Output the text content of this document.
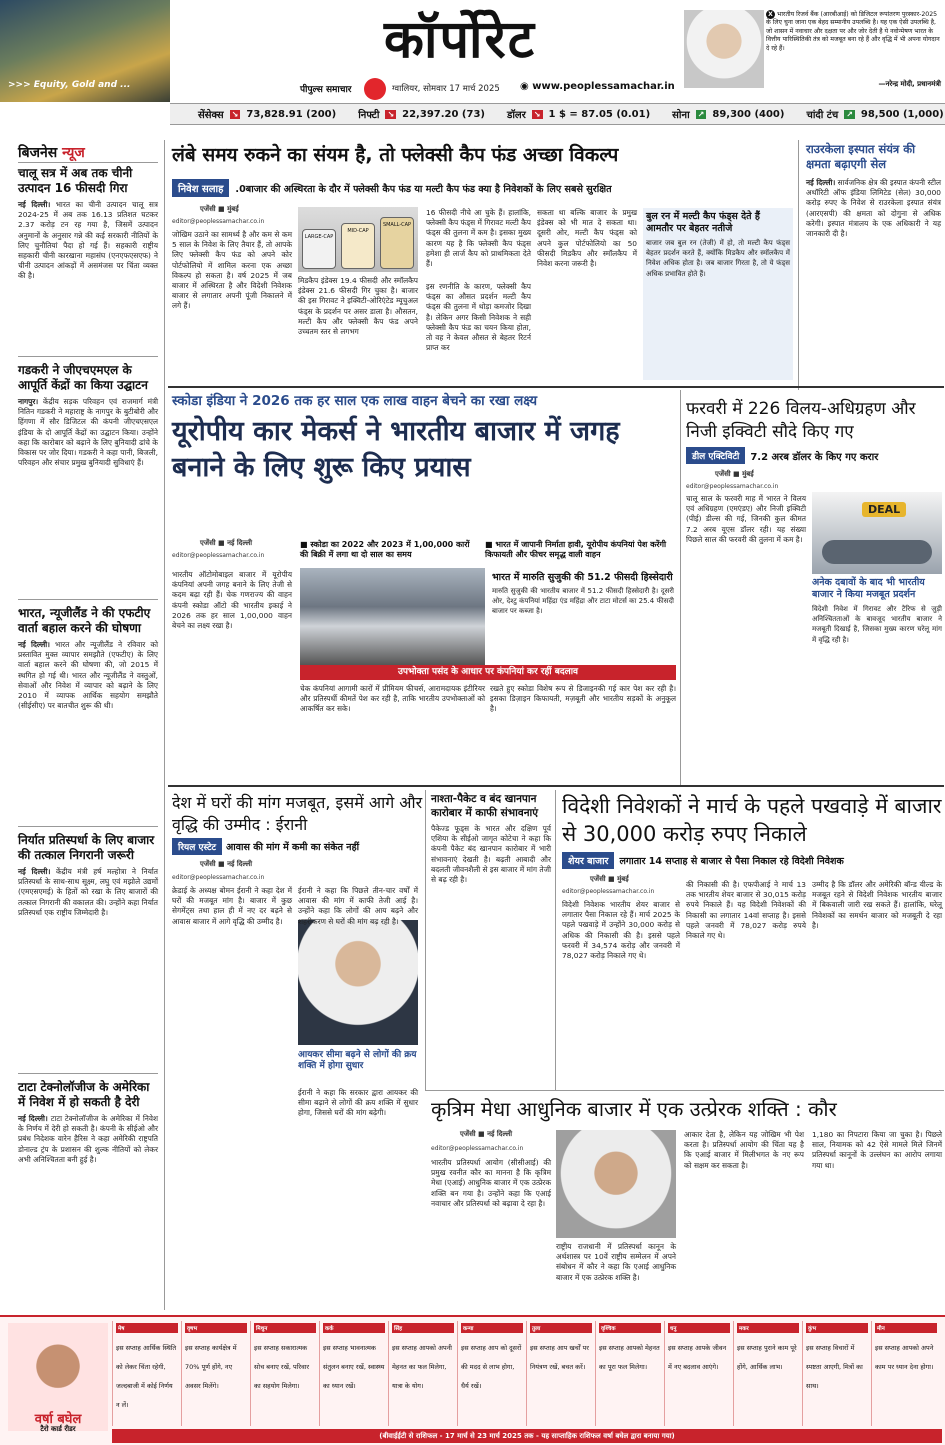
>>> Equity, Gold and ...
कॉर्पोरेट
पीपुल्स समाचार	ग्वालियर, सोमवार 17 मार्च 2025 ◉ www.peoplessamachar.in
X भारतीय रिजर्व बैंक (आरबीआई) को डिजिटल रूपांतरण पुरस्कार-2025 के लिए चुना जाना एक बेहद सम्मानीय उपलब्धि है। यह एक ऐसी उपलब्धि है, जो शासन में नवाचार और दक्षता पर और जोर देती है ये नवोन्मेषण भारत के वित्तीय पारिस्थितिकी तंत्र को मजबूत बना रहे हैं और वृद्धि में भी अपना योगदान दे रहे हैं।
—नरेन्द्र मोदी, प्रधानमंत्री
सेंसेक्स ↘ 73,828.91 (200) निफ्टी ↘ 22,397.20 (73) डॉलर ↘ 1 $ = 87.05 (0.01) सोना ↗ 89,300 (400) चांदी टंच ↗ 98,500 (1,000)
बिजनेस न्यूज
चालू सत्र में अब तक चीनी उत्पादन 16 फीसदी गिरा
नई दिल्ली। भारत का चीनी उत्पादन चालू सत्र 2024-25 में अब तक 16.13 प्रतिशत घटकर 2.37 करोड़ टन रह गया है, जिसमें उत्पादन अनुमानों के अनुसार गन्ने की कई सरकारी नीतियों के लिए चुनौतियां पैदा हो गई हैं। सहकारी राष्ट्रीय सहकारी चीनी कारखाना महासंघ (एनएफएसएफ) ने चीनी उत्पादन आंकड़ों में असमंजस पर चिंता व्यक्त की है।
गडकरी ने जीएचएमएल के आपूर्ति केंद्रों का किया उद्घाटन
नागपुर। केंद्रीय सड़क परिवहन एवं राजमार्ग मंत्री नितिन गडकरी ने महाराष्ट्र के नागपुर के बुटीबोरी और हिंगणा में सौर डिजिटल की कंपनी जीएचएसएल इंडिया के दो आपूर्ति केंद्रों का उद्घाटन किया। उन्होंने कहा कि कारोबार को बढ़ाने के लिए बुनियादी ढांचे के विकास पर जोर दिया। गडकरी ने कहा पानी, बिजली, परिवहन और संचार प्रमुख बुनियादी सुविधाएं हैं।
भारत, न्यूजीलैंड ने की एफटीए वार्ता बहाल करने की घोषणा
नई दिल्ली। भारत और न्यूजीलैंड ने रविवार को प्रस्तावित मुक्त व्यापार समझौते (एफटीए) के लिए वार्ता बहाल करने की घोषणा की, जो 2015 में स्थगित हो गई थी। भारत और न्यूजीलैंड ने वस्तुओं, सेवाओं और निवेश में व्यापार को बढ़ाने के लिए 2010 में व्यापक आर्थिक सहयोग समझौते (सीईसीए) पर बातचीत शुरू की थी।
निर्यात प्रतिस्पर्धा के लिए बाजार की तत्काल निगरानी जरूरी
नई दिल्ली। केंद्रीय मंत्री हर्ष मल्होत्रा ने निर्यात प्रतिस्पर्धा के साथ-साथ सूक्ष्म, लघु एवं मझोले उद्यमों (एमएसएमई) के हितों को रखा के लिए बाजारों की तत्काल निगरानी की वकालत की। उन्होंने कहा निर्यात प्रतिस्पर्धा एक राष्ट्रीय जिम्मेदारी है।
टाटा टेक्नोलॉजीज के अमेरिका में निवेश में हो सकती है देरी
नई दिल्ली। टाटा टेक्नोलॉजीज के अमेरिका में निवेश के निर्णय में देरी हो सकती है। कंपनी के सीईओ और प्रबंध निदेशक वारेन हैरिस ने कहा अमेरिकी राष्ट्रपति डोनाल्ड ट्रंप के प्रशासन की शुल्क नीतियों को लेकर अभी अनिश्चितता बनी हुई है।
लंबे समय रुकने का संयम है, तो फ्लेक्सी कैप फंड अच्छा विकल्प
निवेश सलाह	.0बाजार की अस्थिरता के दौर में फ्लेक्सी कैप फंड या मल्टी कैप फंड क्या है निवेशकों के लिए सबसे सुरक्षित
एजेंसी ■ मुंबई
editor@peoplessamachar.co.in
जोखिम उठाने का सामर्थ्य है और कम से कम 5 साल के निवेश के लिए तैयार हैं, तो आपके लिए फ्लेक्सी कैप फंड को अपने कोर पोर्टफोलियो में शामिल करना एक अच्छा विकल्प हो सकता है। वर्ष 2025 में जब बाजार में अस्थिरता है और विदेशी निवेशक बाजार से लगातार अपनी पूंजी निकालने में लगे हैं।
LARGE-CAP
MID-CAP
SMALL-CAP
मिडकैप इंडेक्स 19.4 फीसदी और स्मॉलकैप इंडेक्स 21.6 फीसदी गिर चुका है। बाजार की इस गिरावट ने इक्विटी-ओरिएंटेड म्यूचुअल फंड्स के प्रदर्शन पर असर डाला है। औसतन, मल्टी कैप और फ्लेक्सी कैप फंड अपने उच्चतम स्तर से लगभग
16 फीसदी नीचे आ चुके हैं। हालांकि, फ्लेक्सी कैप फंड्स में गिरावट मल्टी कैप फंड्स की तुलना में कम है। इसका मुख्य कारण यह है कि फ्लेक्सी कैप फंड्स हमेशा ही लार्ज कैप को प्राथमिकता देते हैं।
इस रणनीति के कारण, फ्लेक्सी कैप फंड्स का औसत प्रदर्शन मल्टी कैप फंड्स की तुलना में थोड़ा कमजोर दिखा है। लेकिन अगर किसी निवेशक ने सही फ्लेक्सी कैप फंड का चयन किया होता, तो वह ने केवल औसत से बेहतर रिटर्न प्राप्त कर
सकता था बल्कि बाजार के प्रमुख इंडेक्स को भी मात दे सकता था। दूसरी ओर, मल्टी कैप फंड्स को अपने कुल पोर्टफोलियो का 50 फीसदी मिडकैप और स्मॉलकैप में निवेश करना जरूरी है।
बुल रन में मल्टी कैप फंड्स देते हैं आमतौर पर बेहतर नतीजे
बाजार जब बुल रन (तेजी) में हो, तो मल्टी कैप फंड्स बेहतर प्रदर्शन करते हैं, क्योंकि मिडकैप और स्मॉलकैप में निवेश अधिक होता है। जब बाजार गिरता है, तो ये फंड्स अधिक प्रभावित होते हैं।
राउरकेला इस्पात संयंत्र की क्षमता बढ़ाएगी सेल
नई दिल्ली। सार्वजनिक क्षेत्र की इस्पात कंपनी स्टील अथॉरिटी ऑफ इंडिया लिमिटेड (सेल) 30,000 करोड़ रुपए के निवेश से राउरकेला इस्पात संयंत्र (आरएसपी) की क्षमता को दोगुना से अधिक करेगी। इस्पात मंत्रालय के एक अधिकारी ने यह जानकारी दी है।
स्कोडा इंडिया ने 2026 तक हर साल एक लाख वाहन बेचने का रखा लक्ष्य
यूरोपीय कार मेकर्स ने भारतीय बाजार में जगह बनाने के लिए शुरू किए प्रयास
एजेंसी ■ नई दिल्ली
editor@peoplessamachar.co.in
■ स्कोडा का 2022 और 2023 में 1,00,000 कारों की बिक्री में लगा था दो साल का समय
■ भारत में जापानी निर्माता हावी, यूरोपीय कंपनियां पेश करेंगी किफायती और फीचर समृद्ध वाली वाहन
भारतीय ऑटोमोबाइल बाजार में यूरोपीय कंपनियां अपनी जगह बनाने के लिए तेजी से कदम बढ़ा रही हैं। चेक गणराज्य की वाहन कंपनी स्कोडा ऑटो की भारतीय इकाई ने 2026 तक हर साल 1,00,000 वाहन बेचने का लक्ष्य रखा है।
उपभोक्ता पसंद के आधार पर कंपनियां कर रहीं बदलाव
भारत में मारुति सुजुकी की 51.2 फीसदी हिस्सेदारी
मारुति सुजुकी की भारतीय बाजार में 51.2 फीसदी हिस्सेदारी है। दूसरी ओर, देश्टु कंपनियां महिंद्रा एंड महिंद्रा और टाटा मोटर्स का 25.4 फीसदी बाजार पर कब्जा है।
चेक कंपनियां आगामी कारों में प्रीमियम फीचर्स, आरामदायक इंटीरियर और प्रतिस्पर्धी कीमतें पेश कर रही है, ताकि भारतीय उपभोक्ताओं को आकर्षित कर सके।
रखते हुए स्कोडा विशेष रूप से डिजाइनकी गई कार पेश कर रही है। इसका डिज़ाइन किफायती, मज़बूती और भारतीय सड़कों के अनुकूल है।
फरवरी में 226 विलय-अधिग्रहण और निजी इक्विटी सौदे किए गए
डील एक्टिविटी	7.2 अरब डॉलर के किए गए करार
एजेंसी ■ मुंबई
editor@peoplessamachar.co.in
चालू साल के फरवरी माह में भारत ने विलय एवं अधिग्रहण (एमएंडए) और निजी इक्विटी (पीई) डील्स की गई, जिनकी कुल कीमत 7.2 अरब यूएस डॉलर रही। यह संख्या पिछले साल की फरवरी की तुलना में कम है।
DEAL
अनेक दबावों के बाद भी भारतीय बाजार ने किया मजबूत प्रदर्शन
विदेशी निवेश में गिरावट और टैरिफ से जुड़ी अनिश्चितताओं के बावजूद भारतीय बाजार ने मजबूती दिखाई है, जिसका मुख्य कारण घरेलू मांग में वृद्धि रही है।
देश में घरों की मांग मजबूत, इसमें आगे और वृद्धि की उम्मीद : ईरानी
रियल एस्टेट	आवास की मांग में कमी का संकेत नहीं
एजेंसी ■ नई दिल्ली
editor@peoplessamachar.co.in
क्रेडाई के अध्यक्ष बोमन ईरानी ने कहा देश में घरों की मजबूत मांग है। बाजार में कुछ सेगमेंट्स तथा हाल ही में नए दर बढ़ने से आवास बाजार में आगे वृद्धि की उम्मीद है।
आयकर सीमा बढ़ने से लोगों की क्रय शक्ति में होगा सुधार
ईरानी ने कहा कि सरकार द्वारा आयकर की सीमा बढ़ाने से लोगों की क्रय शक्ति में सुधार होगा, जिससे घरों की मांग बढ़ेगी।
ईरानी ने कहा कि पिछले तीन-चार वर्षों में आवास की मांग में काफी तेजी आई है। उन्होंने कहा कि लोगों की आय बढ़ने और शहरीकरण से घरों की मांग बढ़ रही है।
नाश्ता-पैकेट व बंद खानपान कारोबार में काफी संभावनाएं
पैकेज्ड फूड्स के भारत और दक्षिण पूर्व एशिया के सीईओ जागृत कोटेचा ने कहा कि कंपनी पैकेट बंद खानपान कारोबार में भारी संभावनाएं देखती है। बढ़ती आबादी और बदलती जीवनशैली से इस बाजार में मांग तेजी से बढ़ रही है।
विदेशी निवेशकों ने मार्च के पहले पखवाड़े में बाजार से 30,000 करोड़ रुपए निकाले
शेयर बाजार	लगातार 14 सप्ताह से बाजार से पैसा निकाल रहे विदेशी निवेशक
एजेंसी ■ मुंबई
editor@peoplessamachar.co.in
विदेशी निवेशक भारतीय शेयर बाजार से लगातार पैसा निकाल रहे हैं। मार्च 2025 के पहले पखवाड़े में उन्होंने 30,000 करोड़ से अधिक की निकासी की है। इससे पहले फरवरी में 34,574 करोड़ और जनवरी में 78,027 करोड़ निकाले गए थे।
की निकासी की है। एफपीआई ने मार्च 13 तक भारतीय शेयर बाजार से 30,015 करोड़ रुपये निकाले हैं। यह विदेशी निवेशकों की निकासी का लगातार 14वां सप्ताह है। इससे पहले जनवरी में 78,027 करोड़ रुपये निकाले गए थे।
उम्मीद है कि डॉलर और अमेरिकी बॉन्ड यील्ड के मजबूत रहने से विदेशी निवेशक भारतीय बाजार में बिकवाली जारी रख सकते हैं। हालांकि, घरेलू निवेशकों का समर्थन बाजार को मजबूती दे रहा है।
कृत्रिम मेधा आधुनिक बाजार में एक उत्प्रेरक शक्ति : कौर
एजेंसी ■ नई दिल्ली
editor@peoplessamachar.co.in
भारतीय प्रतिस्पर्धा आयोग (सीसीआई) की प्रमुख रवनीत कौर का मानना है कि कृत्रिम मेधा (एआई) आधुनिक बाजार में एक उत्प्रेरक शक्ति बन गया है। उन्होंने कहा कि एआई नवाचार और प्रतिस्पर्धा को बढ़ावा दे रहा है।
राष्ट्रीय राजधानी में प्रतिस्पर्धा कानून के अर्थशास्त्र पर 10वें राष्ट्रीय सम्मेलन में अपने संबोधन में कौर ने कहा कि एआई आधुनिक बाजार में एक उत्प्रेरक शक्ति है।
आकार देता है, लेकिन यह जोखिम भी पेश करता है। प्रतिस्पर्धा आयोग की चिंता यह है कि एआई बाजार में मिलीभगत के नए रूप को सक्षम कर सकता है।
1,180 का निपटारा किया जा चुका है। पिछले साल, नियामक को 42 ऐसे मामले मिले जिनमें प्रतिस्पर्धा कानूनों के उल्लंघन का आरोप लगाया गया था।
वर्षा बघेल
टैरो कार्ड रीडर
मेष
इस सप्ताह आर्थिक स्थिति को लेकर चिंता रहेगी, जल्दबाजी में कोई निर्णय न लें।
वृषभ
इस सप्ताह कार्यक्षेत्र में 70% पूर्ण होंगे, नए अवसर मिलेंगे।
मिथुन
इस सप्ताह सकारात्मक सोच बनाए रखें, परिवार का सहयोग मिलेगा।
कर्क
इस सप्ताह भावनात्मक संतुलन बनाए रखें, स्वास्थ्य का ध्यान रखें।
सिंह
इस सप्ताह आपको अपनी मेहनत का फल मिलेगा, यात्रा के योग।
कन्या
इस सप्ताह आप को दूसरों की मदद से लाभ होगा, धैर्य रखें।
तुला
इस सप्ताह आप खर्चों पर नियंत्रण रखें, बचत करें।
वृश्चिक
इस सप्ताह आपको मेहनत का पूरा फल मिलेगा।
धनु
इस सप्ताह आपके जीवन में नए बदलाव आएंगे।
मकर
इस सप्ताह पुराने काम पूरे होंगे, आर्थिक लाभ।
कुंभ
इस सप्ताह विचारों में स्पष्टता आएगी, मित्रों का साथ।
मीन
इस सप्ताह आपको अपने काम पर ध्यान देना होगा।
(बीवाईईटी से राशिफल - 17 मार्च से 23 मार्च 2025 तक - यह साप्ताहिक राशिफल वर्षा बघेल द्वारा बनाया गया)
